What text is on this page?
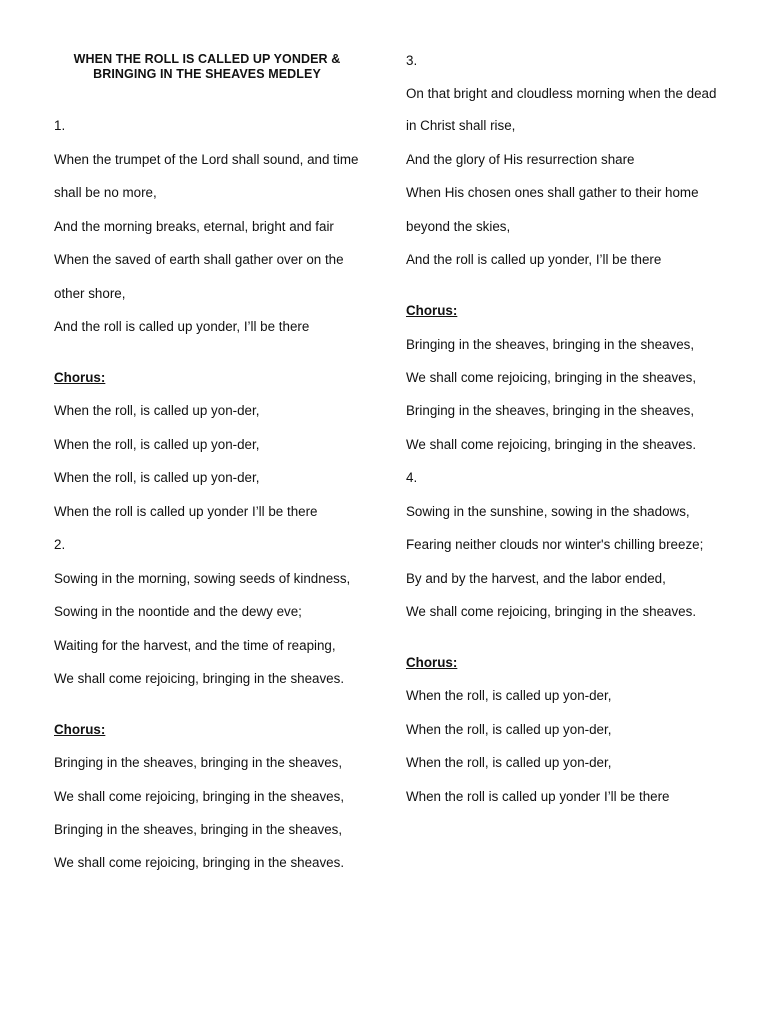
WHEN THE ROLL IS CALLED UP YONDER &
BRINGING IN THE SHEAVES MEDLEY
1.
When the trumpet of the Lord shall sound, and time
shall be no more,
And the morning breaks, eternal, bright and fair
When the saved of earth shall gather over on the
other shore,
And the roll is called up yonder, I’ll be there
Chorus:
When the roll, is called up yon-der,
When the roll, is called up yon-der,
When the roll, is called up yon-der,
When the roll is called up yonder I’ll be there
2.
Sowing in the morning, sowing seeds of kindness,
Sowing in the noontide and the dewy eve;
Waiting for the harvest, and the time of reaping,
We shall come rejoicing, bringing in the sheaves.
Chorus:
Bringing in the sheaves, bringing in the sheaves,
We shall come rejoicing, bringing in the sheaves,
Bringing in the sheaves, bringing in the sheaves,
We shall come rejoicing, bringing in the sheaves.
3.
On that bright and cloudless morning when the dead
in Christ shall rise,
And the glory of His resurrection share
When His chosen ones shall gather to their home
beyond the skies,
And the roll is called up yonder, I’ll be there
Chorus:
Bringing in the sheaves, bringing in the sheaves,
We shall come rejoicing, bringing in the sheaves,
Bringing in the sheaves, bringing in the sheaves,
We shall come rejoicing, bringing in the sheaves.
4.
Sowing in the sunshine, sowing in the shadows,
Fearing neither clouds nor winter's chilling breeze;
By and by the harvest, and the labor ended,
We shall come rejoicing, bringing in the sheaves.
Chorus:
When the roll, is called up yon-der,
When the roll, is called up yon-der,
When the roll, is called up yon-der,
When the roll is called up yonder I’ll be there
